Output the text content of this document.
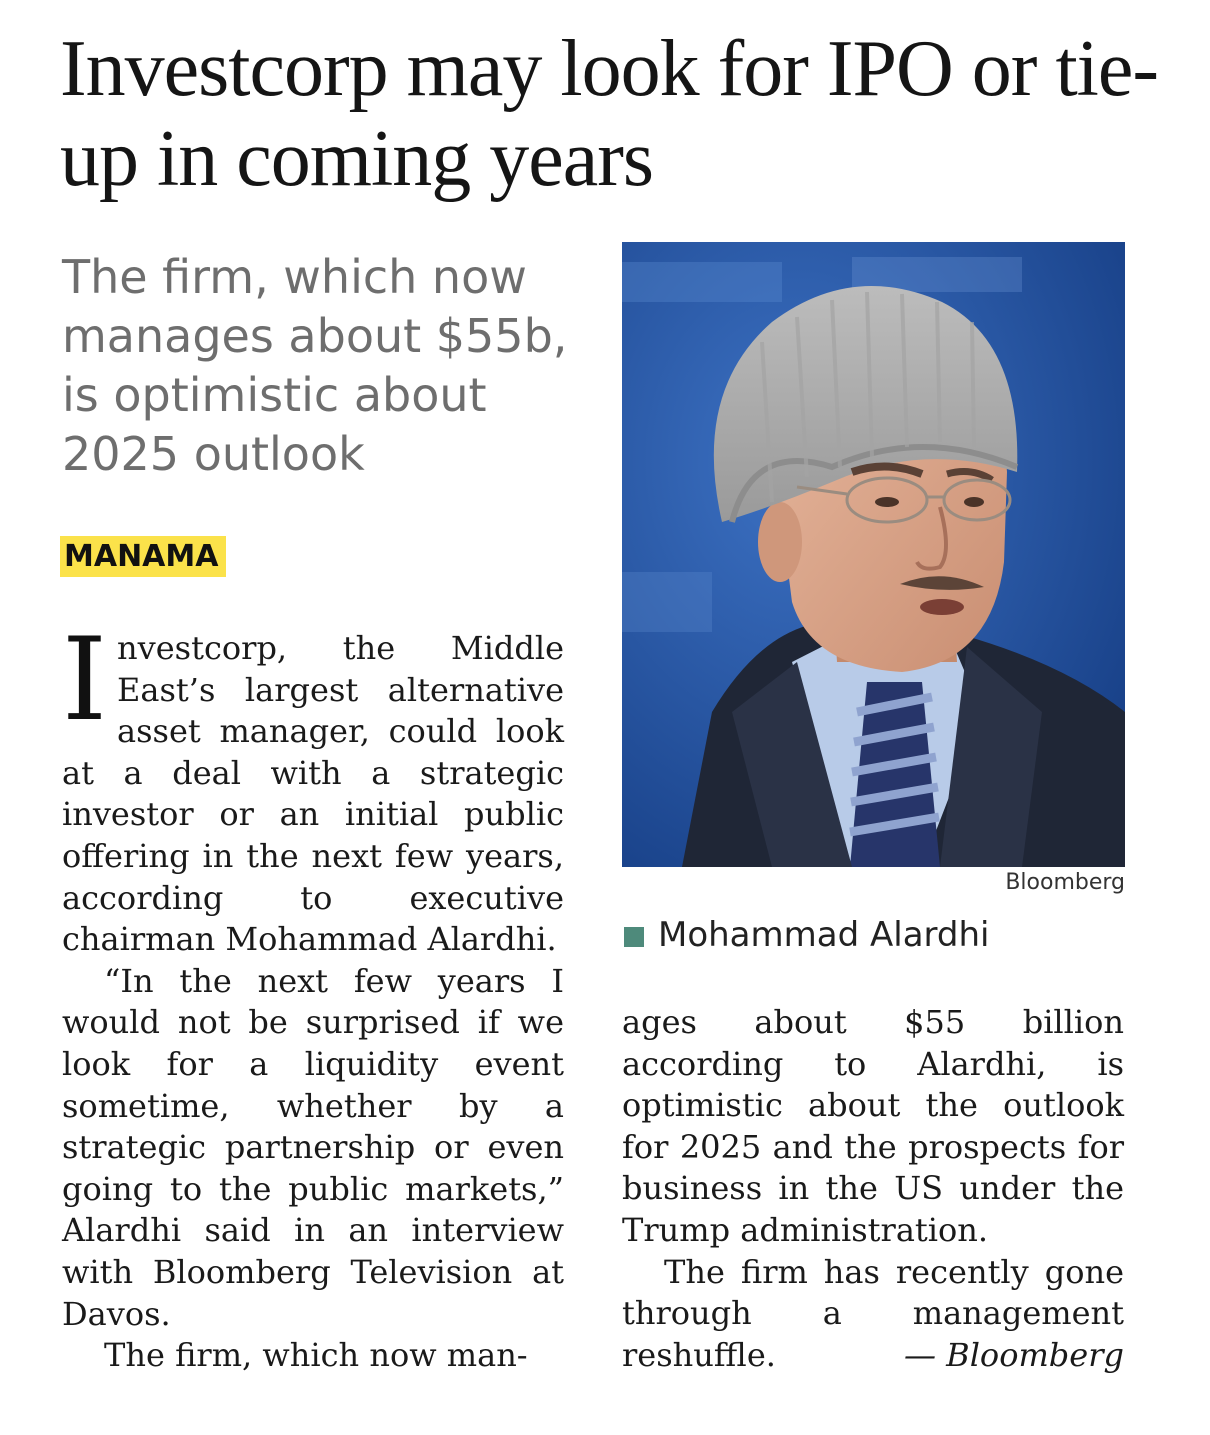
Investcorp may look for IPO or tie-up in coming years

The firm, which now manages about $55b, is optimistic about 2025 outlook

MANAMA

Investcorp, the Middle East’s largest alternative asset manager, could look at a deal with a strategic investor or an initial public offering in the next few years, according to executive chairman Mohammad Alardhi.

“In the next few years I would not be surprised if we look for a liquidity event sometime, whether by a strategic partnership or even going to the public markets,” Alardhi said in an interview with Bloomberg Television at Davos.

The firm, which now man-

Bloomberg
Mohammad Alardhi

ages about $55 billion according to Alardhi, is optimistic about the outlook for 2025 and the prospects for business in the US under the Trump administration.

The firm has recently gone through a management reshuffle.	— Bloomberg
